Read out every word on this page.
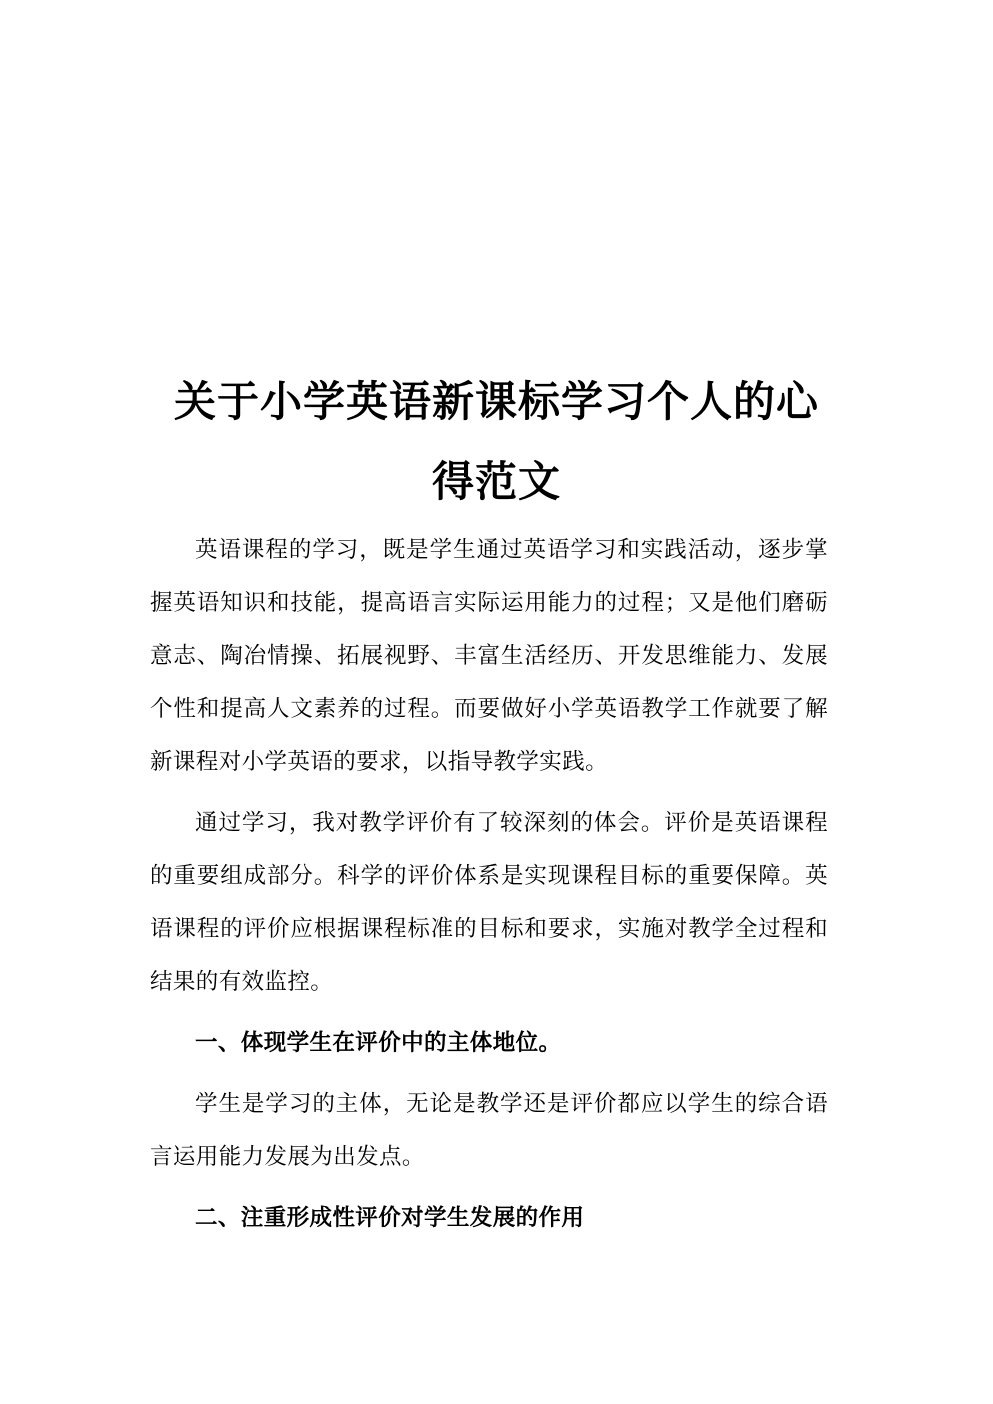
关于小学英语新课标学习个人的心
得范文

英语课程的学习，既是学生通过英语学习和实践活动，逐步掌握英语知识和技能，提高语言实际运用能力的过程；又是他们磨砺意志、陶冶情操、拓展视野、丰富生活经历、开发思维能力、发展个性和提高人文素养的过程。而要做好小学英语教学工作就要了解新课程对小学英语的要求，以指导教学实践。

通过学习，我对教学评价有了较深刻的体会。评价是英语课程的重要组成部分。科学的评价体系是实现课程目标的重要保障。英语课程的评价应根据课程标准的目标和要求，实施对教学全过程和结果的有效监控。

一、体现学生在评价中的主体地位。

学生是学习的主体，无论是教学还是评价都应以学生的综合语言运用能力发展为出发点。

二、注重形成性评价对学生发展的作用
